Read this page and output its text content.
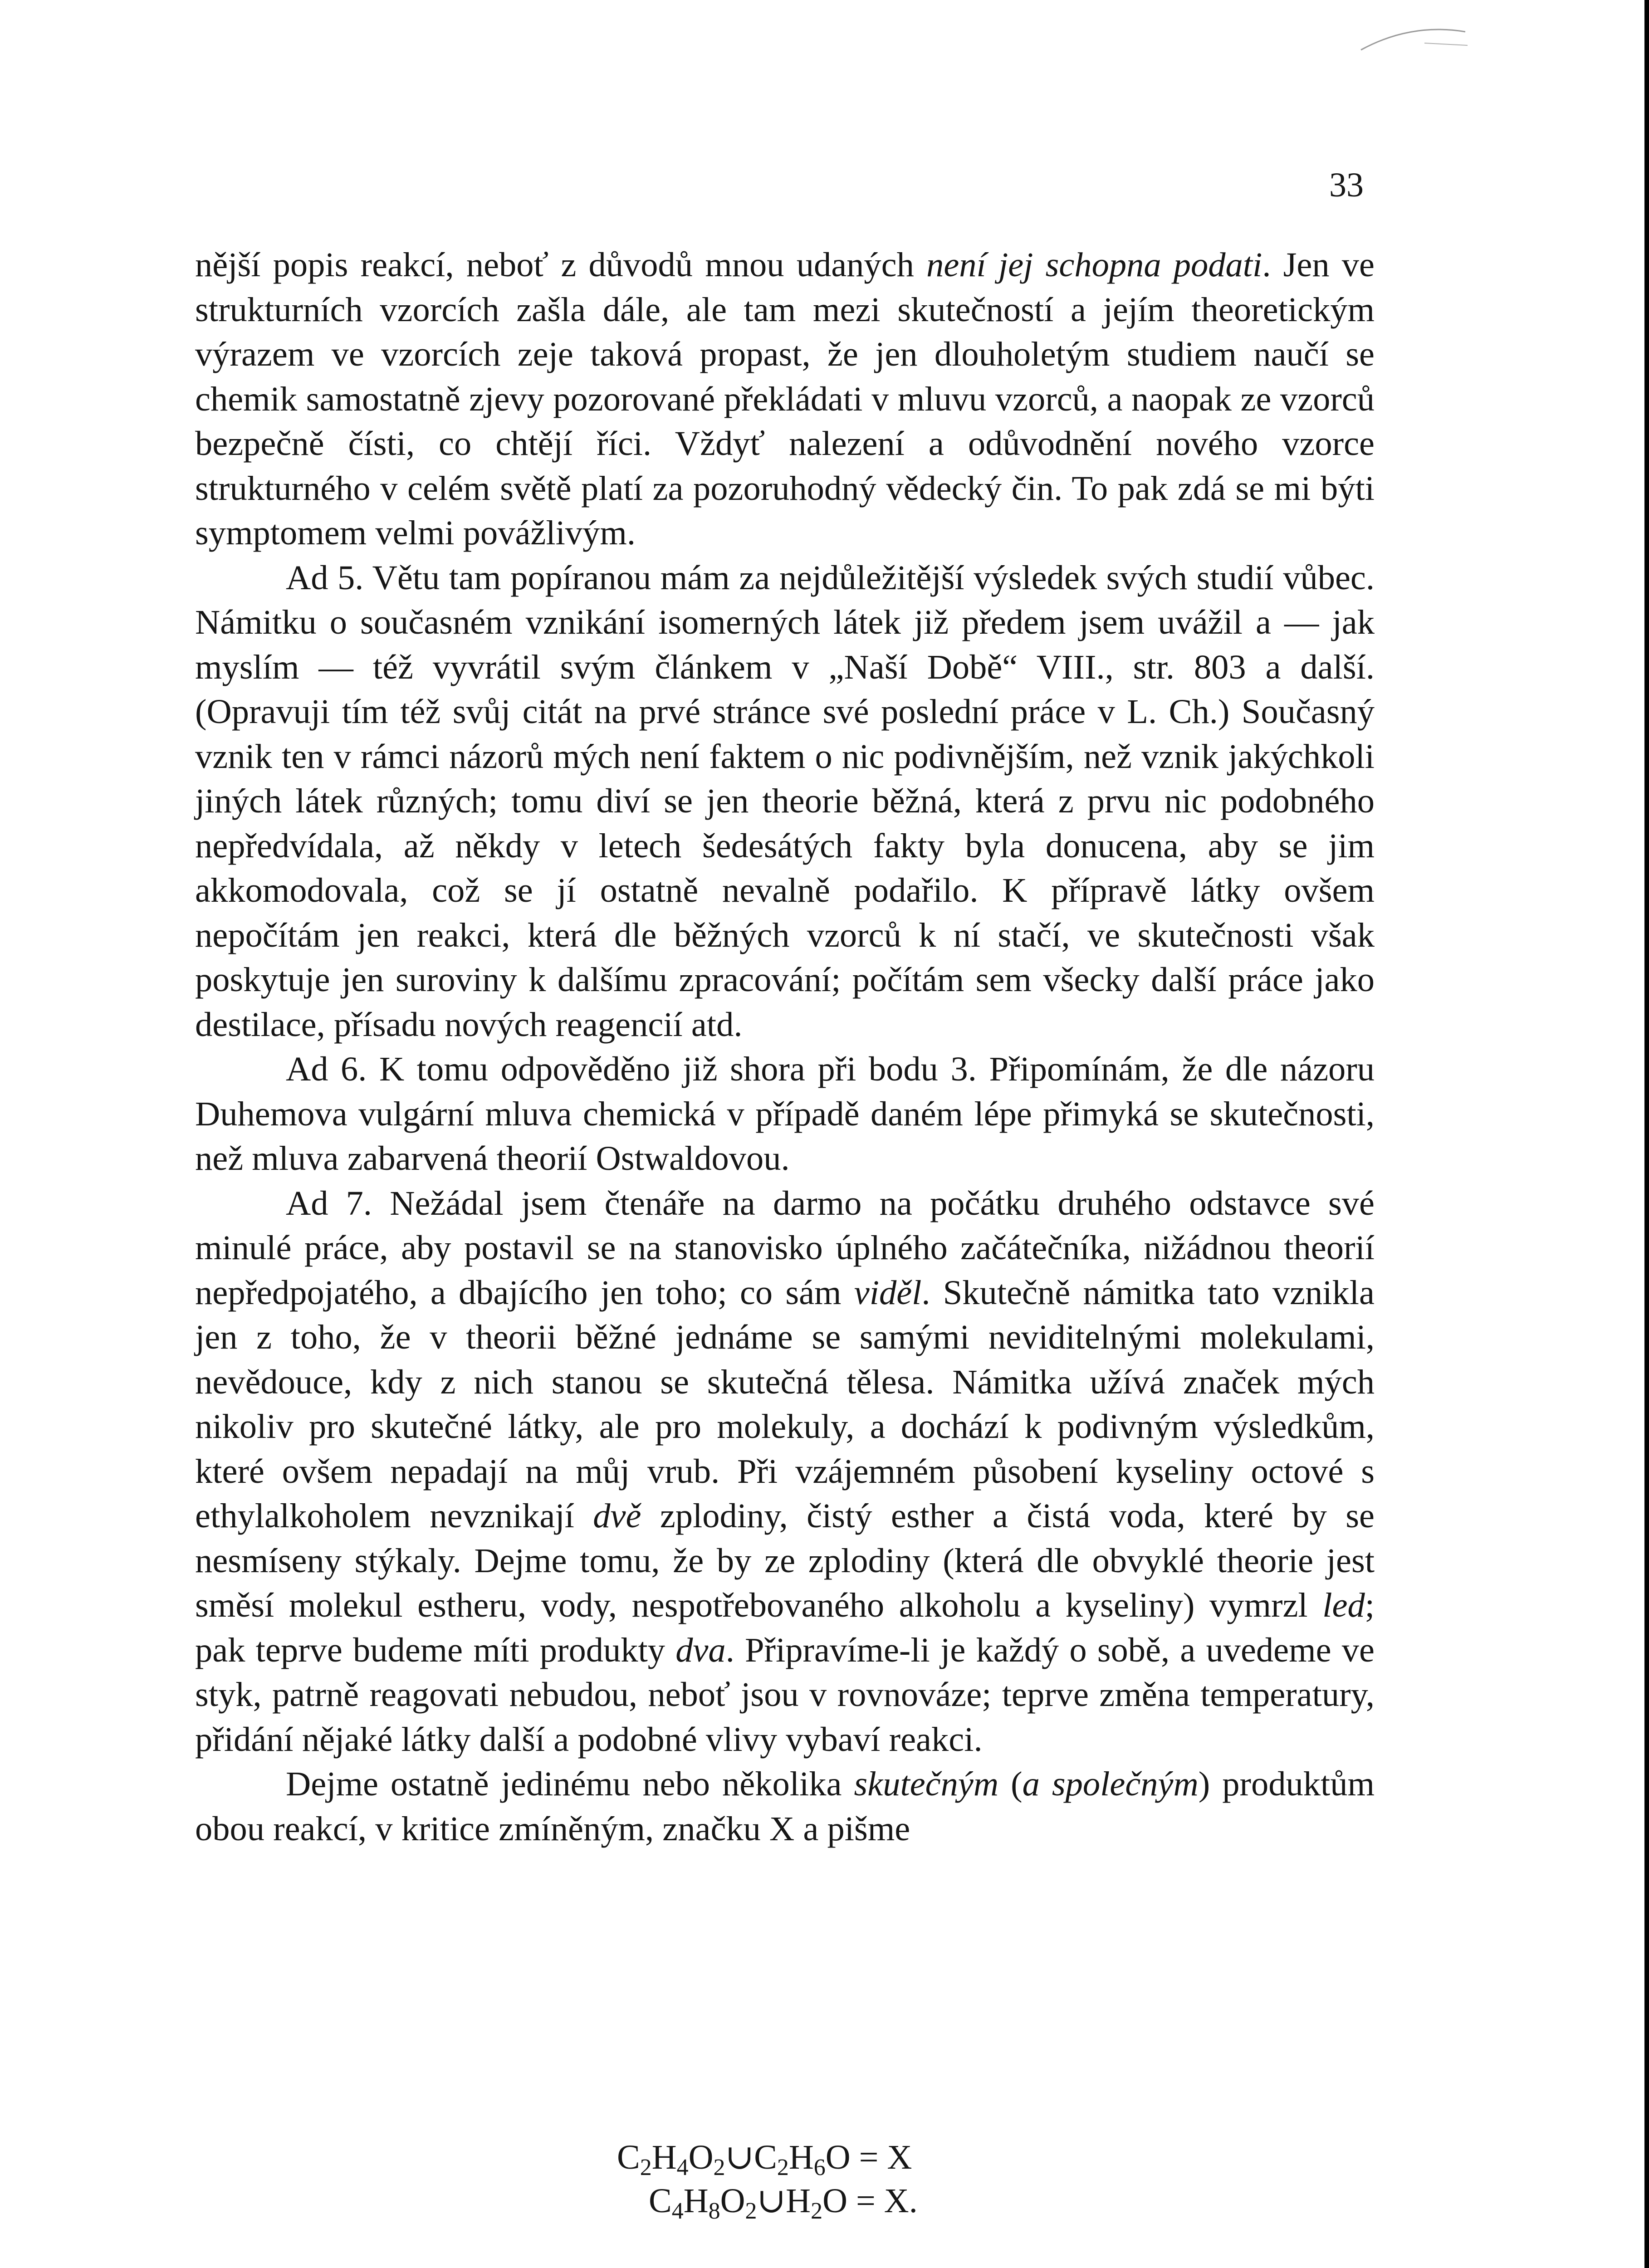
33

nější popis reakcí, neboť z důvodů mnou udaných není jej schopna podati. Jen ve strukturních vzorcích zašla dále, ale tam mezi skutečností a jejím theoretickým výrazem ve vzorcích zeje taková propast, že jen dlouholetým studiem naučí se chemik samostatně zjevy pozorované překládati v mluvu vzorců, a naopak ze vzorců bezpečně čísti, co chtějí říci. Vždyť nalezení a odůvodnění nového vzorce strukturného v celém světě platí za pozoruhodný vědecký čin. To pak zdá se mi býti symptomem velmi povážlivým.

Ad 5. Větu tam popíranou mám za nejdůležitější výsledek svých studií vůbec. Námitku o současném vznikání isomerných látek již předem jsem uvážil a — jak myslím — též vyvrátil svým článkem v „Naší Době“ VIII., str. 803 a další. (Opravuji tím též svůj citát na prvé stránce své poslední práce v L. Ch.) Současný vznik ten v rámci názorů mých není faktem o nic podivnějším, než vznik jakýchkoli jiných látek různých; tomu diví se jen theorie běžná, která z prvu nic podobného nepředvídala, až někdy v letech šedesátých fakty byla donucena, aby se jim akkomodovala, což se jí ostatně nevalně podařilo. K přípravě látky ovšem nepočítám jen reakci, která dle běžných vzorců k ní stačí, ve skutečnosti však poskytuje jen suroviny k dalšímu zpracování; počítám sem všecky další práce jako destilace, přísadu nových reagencií atd.

Ad 6. K tomu odpověděno již shora při bodu 3. Připomínám, že dle názoru Duhemova vulgární mluva chemická v případě daném lépe přimyká se skutečnosti, než mluva zabarvená theorií Ostwaldovou.

Ad 7. Nežádal jsem čtenáře na darmo na počátku druhého odstavce své minulé práce, aby postavil se na stanovisko úplného začátečníka, nižádnou theorií nepředpojatého, a dbajícího jen toho; co sám viděl. Skutečně námitka tato vznikla jen z toho, že v theorii běžné jednáme se samými neviditelnými molekulami, nevědouce, kdy z nich stanou se skutečná tělesa. Námitka užívá značek mých nikoliv pro skutečné látky, ale pro molekuly, a dochází k podivným výsledkům, které ovšem nepadají na můj vrub. Při vzájemném působení kyseliny octové s ethylalkoholem nevznikají dvě zplodiny, čistý esther a čistá voda, které by se nesmíseny stýkaly. Dejme tomu, že by ze zplodiny (která dle obvyklé theorie jest směsí molekul estheru, vody, nespotřebovaného alkoholu a kyseliny) vymrzl led; pak teprve budeme míti produkty dva. Připravíme-li je každý o sobě, a uvedeme ve styk, patrně reagovati nebudou, neboť jsou v rovnováze; teprve změna temperatury, přidání nějaké látky další a podobné vlivy vybaví reakci.

Dejme ostatně jedinému nebo několika skutečným (a společným) produktům obou reakcí, v kritice zmíněným, značku X a pišme

$C_2H_4O_2\cup C_2H_6O = X$
$C_4H_8O_2\cup H_2O = X$.
